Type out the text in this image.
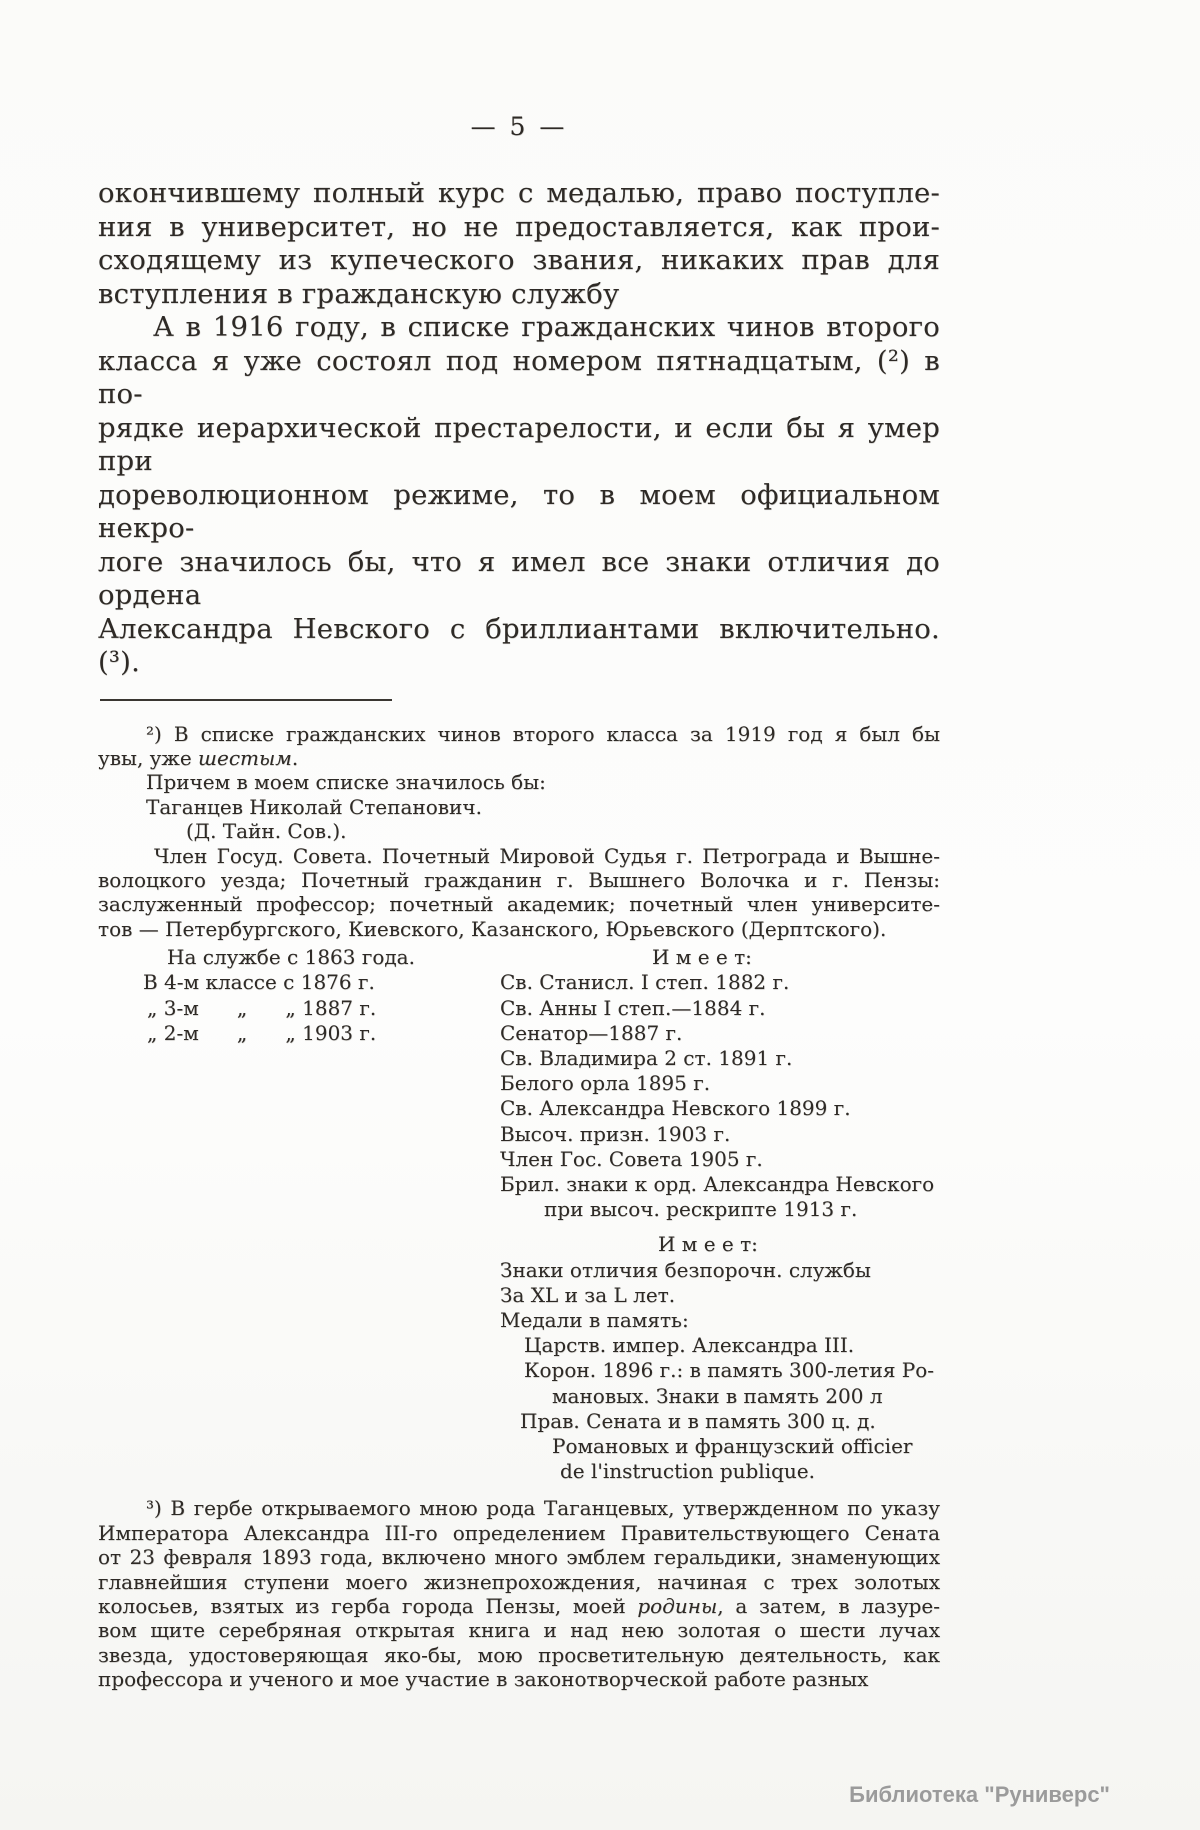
— 5 —
окончившему полный курс с медалью, право поступле-
ния в университет, но не предоставляется, как прои-
сходящему из купеческого звания, никаких прав для
вступления в гражданскую службу
А в 1916 году, в списке гражданских чинов второго
класса я уже состоял под номером пятнадцатым, (²) в по-
рядке иерархической престарелости, и если бы я умер при
дореволюционном режиме, то в моем официальном некро-
логе значилось бы, что я имел все знаки отличия до ордена
Александра Невского с бриллиантами включительно. (³).
²) В списке гражданских чинов второго класса за 1919 год я был бы
увы, уже шестым.
Причем в моем списке значилось бы:
Таганцев Николай Степанович.
(Д. Тайн. Сов.).
Член Госуд. Совета. Почетный Мировой Судья г. Петрограда и Вышне-
волоцкого уезда; Почетный гражданин г. Вышнего Волочка и г. Пензы:
заслуженный профессор; почетный академик; почетный член университе-
тов — Петербургского, Киевского, Казанского, Юрьевского (Дерптского).
На службе с 1863 года.
В 4-м классе с 1876 г.
„ 3-м      „      „ 1887 г.
„ 2-м      „      „ 1903 г.
И м е е т:
Св. Станисл. I степ. 1882 г.
Св. Анны I степ.—1884 г.
Сенатор—1887 г.
Св. Владимира 2 ст. 1891 г.
Белого орла 1895 г.
Св. Александра Невского 1899 г.
Высоч. призн. 1903 г.
Член Гос. Совета 1905 г.
Брил. знаки к орд. Александра Невского
при высоч. рескрипте 1913 г.
И м е е т:
Знаки отличия безпорочн. службы
За XL и за L лет.
Медали в память:
Царств. импер. Александра III.
Корон. 1896 г.: в память 300-летия Ро-
мановых. Знаки в память 200 л
Прав. Сената и в память 300 ц. д.
Романовых и французский officier
de l'instruction publique.
³) В гербе открываемого мною рода Таганцевых, утвержденном по указу
Императора Александра III-го определением Правительствующего Сената
от 23 февраля 1893 года, включено много эмблем геральдики, знаменующих
главнейшия ступени моего жизнепрохождения, начиная с трех золотых
колосьев, взятых из герба города Пензы, моей родины, а затем, в лазуре-
вом щите серебряная открытая книга и над нею золотая о шести лучах
звезда, удостоверяющая яко-бы, мою просветительную деятельность, как
профессора и ученого и мое участие в законотворческой работе разных
Библиотека "Руниверс"
